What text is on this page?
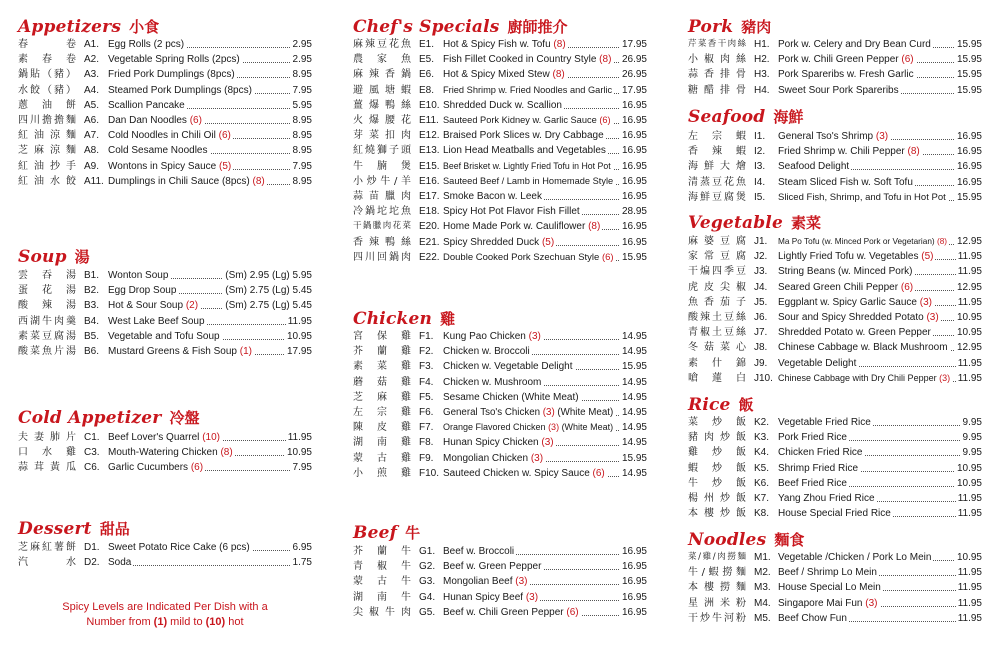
Appetizers 小食
春卷 A1. Egg Rolls (2 pcs)	2.95
素春卷 A2. Vegetable Spring Rolls (2pcs)	2.95
鍋貼（豬） A3. Fried Pork Dumplings (8pcs)	8.95
水餃（豬） A4. Steamed Pork Dumplings (8pcs)	7.95
蔥油餅 A5. Scallion Pancake	5.95
四川擔擔麵 A6. Dan Dan Noodles (6)	8.95
紅油涼麵 A7. Cold Noodles in Chili Oil (6)	8.95
芝麻涼麵 A8. Cold Sesame Noodles	8.95
紅油抄手 A9. Wontons in Spicy Sauce (5)	7.95
紅油水餃 A11. Dumplings in Chili Sauce (8pcs) (8)	8.95
Soup 湯
雲吞湯 B1. Wonton Soup	(Sm) 2.95 (Lg) 5.95
蛋花湯 B2. Egg Drop Soup	(Sm) 2.75 (Lg) 5.45
酸辣湯 B3. Hot & Sour Soup (2)	(Sm) 2.75 (Lg) 5.45
西湖牛肉羹 B4. West Lake Beef Soup	11.95
素菜豆腐湯 B5. Vegetable and Tofu Soup	10.95
酸菜魚片湯 B6. Mustard Greens & Fish Soup (1)	17.95
Cold Appetizer 冷盤
夫妻肺片 C1. Beef Lover's Quarrel (10)	11.95
口水雞 C3. Mouth-Watering Chicken (8)	10.95
蒜茸黃瓜 C6. Garlic Cucumbers (6)	7.95
Dessert 甜品
芝麻紅薯餅 D1. Sweet Potato Rice Cake (6 pcs)	6.95
汽水 D2. Soda	1.75
Spicy Levels are Indicated Per Dish with a
Number from (1) mild to (10) hot
Chef's Specials 廚師推介
麻辣豆花魚 E1. Hot & Spicy Fish w. Tofu (8)	17.95
農家魚 E5. Fish Fillet Cooked in Country Style (8) 26.95
麻辣香鍋 E6. Hot & Spicy Mixed Stew (8)	26.95
避風塘蝦 E8. Fried Shrimp w. Fried Noodles and Garlic 17.95
薑爆鴨絲 E10. Shredded Duck w. Scallion	16.95
火爆腰花 E11. Sauteed Pork Kidney w. Garlic Sauce (6) 16.95
芽菜扣肉 E12. Braised Pork Slices w. Dry Cabbage 16.95
紅燒獅子頭 E13. Lion Head Meatballs and Vegetables 16.95
牛腩煲 E15. Beef Brisket w. Lightly Fried Tofu in Hot Pot 16.95
小炒牛/羊 E16. Sauteed Beef / Lamb in Homemade Style 16.95
蒜苗臘肉 E17. Smoke Bacon w. Leek	16.95
冷鍋坨坨魚 E18. Spicy Hot Pot Flavor Fish Fillet	28.95
干鍋臘肉花菜 E20. Home Made Pork w. Cauliflower (8) 16.95
香辣鴨絲 E21. Spicy Shredded Duck (5)	16.95
四川回鍋肉 E22. Double Cooked Pork Szechuan Style (6) 15.95
Chicken 雞
宮保雞 F1. Kung Pao Chicken (3)	14.95
芥蘭雞 F2. Chicken w. Broccoli	14.95
素菜雞 F3. Chicken w. Vegetable Delight	15.95
蘑菇雞 F4. Chicken w. Mushroom	14.95
芝麻雞 F5. Sesame Chicken (White Meat)	14.95
左宗雞 F6. General Tso's Chicken (3) (White Meat) 14.95
陳皮雞 F7. Orange Flavored Chicken (3) (White Meat) 14.95
湖南雞 F8. Hunan Spicy Chicken (3)	14.95
蒙古雞 F9. Mongolian Chicken (3)	15.95
小煎雞 F10. Sauteed Chicken w. Spicy Sauce (6) 14.95
Beef 牛
芥蘭牛 G1. Beef w. Broccoli	16.95
青椒牛 G2. Beef w. Green Pepper	16.95
蒙古牛 G3. Mongolian Beef (3)	16.95
湖南牛 G4. Hunan Spicy Beef (3)	16.95
尖椒牛肉 G5. Beef w. Chili Green Pepper (6)	16.95
Pork 豬肉
芹菜香干肉絲 H1. Pork w. Celery and Dry Bean Curd	15.95
小椒肉絲 H2. Pork w. Chili Green Pepper (6)	15.95
蒜香排骨 H3. Pork Spareribs w. Fresh Garlic	15.95
糖醋排骨 H4. Sweet Sour Pork Spareribs	15.95
Seafood 海鮮
左宗蝦 I1. General Tso's Shrimp (3)	16.95
香辣蝦 I2. Fried Shrimp w. Chili Pepper (8)	16.95
海鮮大燴 I3. Seafood Delight	16.95
清蒸豆花魚 I4. Steam Sliced Fish w. Soft Tofu	16.95
海鮮豆腐煲 I5. Sliced Fish, Shrimp, and Tofu in Hot Pot 15.95
Vegetable 素菜
麻婆豆腐 J1. Ma Po Tofu (w. Minced Pork or Vegetarian) (8) 12.95
家常豆腐 J2. Lightly Fried Tofu w. Vegetables (5) 11.95
干煸四季豆 J3. String Beans (w. Minced Pork)	11.95
虎皮尖椒 J4. Seared Green Chili Pepper (6)	12.95
魚香茄子 J5. Eggplant w. Spicy Garlic Sauce (3)	11.95
酸辣土豆絲 J6. Sour and Spicy Shredded Potato (3) 10.95
青椒土豆絲 J7. Shredded Potato w. Green Pepper	10.95
冬菇菜心 J8. Chinese Cabbage w. Black Mushroom 12.95
素什錦 J9. Vegetable Delight	11.95
嗆蓮白 J10. Chinese Cabbage with Dry Chili Pepper (3) 11.95
Rice 飯
菜炒飯 K2. Vegetable Fried Rice	9.95
豬肉炒飯 K3. Pork Fried Rice	9.95
雞炒飯 K4. Chicken Fried Rice	9.95
蝦炒飯 K5. Shrimp Fried Rice	10.95
牛炒飯 K6. Beef Fried Rice	10.95
楊州炒飯 K7. Yang Zhou Fried Rice	11.95
本樓炒飯 K8. House Special Fried Rice	11.95
Noodles 麵食
菜/雞/肉撈麵 M1. Vegetable /Chicken / Pork Lo Mein	10.95
牛/蝦撈麵 M2. Beef / Shrimp Lo Mein	11.95
本樓撈麵 M3. House Special Lo Mein	11.95
星洲米粉 M4. Singapore Mai Fun (3)	11.95
干炒牛河粉 M5. Beef Chow Fun	11.95
